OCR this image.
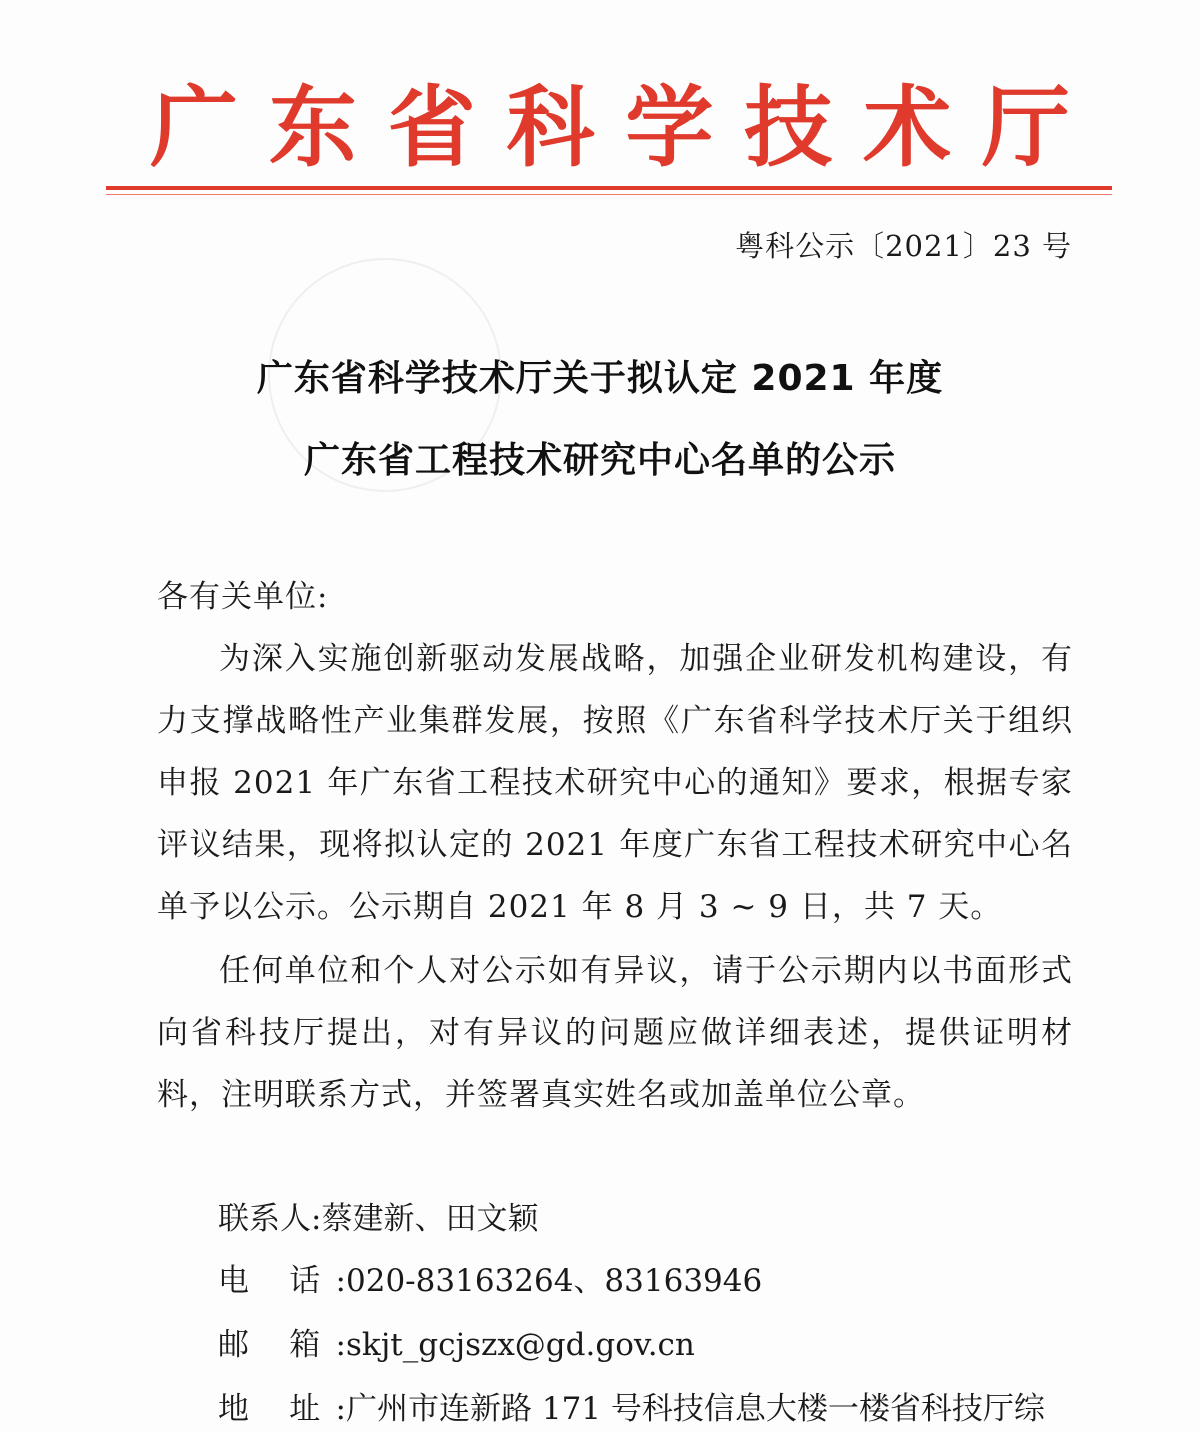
广 东 省 科 学 技 术 厅
粤科公示〔2021〕23 号
广东省科学技术厅关于拟认定 2021 年度
广东省工程技术研究中心名单的公示
各有关单位:
为深入实施创新驱动发展战略，加强企业研发机构建设，有力支撑战略性产业集群发展，按照《广东省科学技术厅关于组织申报 2021 年广东省工程技术研究中心的通知》要求，根据专家评议结果，现将拟认定的 2021 年度广东省工程技术研究中心名单予以公示。公示期自 2021 年 8 月 3 ~ 9 日，共 7 天。
任何单位和个人对公示如有异议，请于公示期内以书面形式向省科技厅提出，对有异议的问题应做详细表述，提供证明材料，注明联系方式，并签署真实姓名或加盖单位公章。
联系人:蔡建新、田文颖
电 话:020-83163264、83163946
邮 箱:skjt_gcjszx@gd.gov.cn
地 址:广州市连新路 171 号科技信息大楼一楼省科技厅综
